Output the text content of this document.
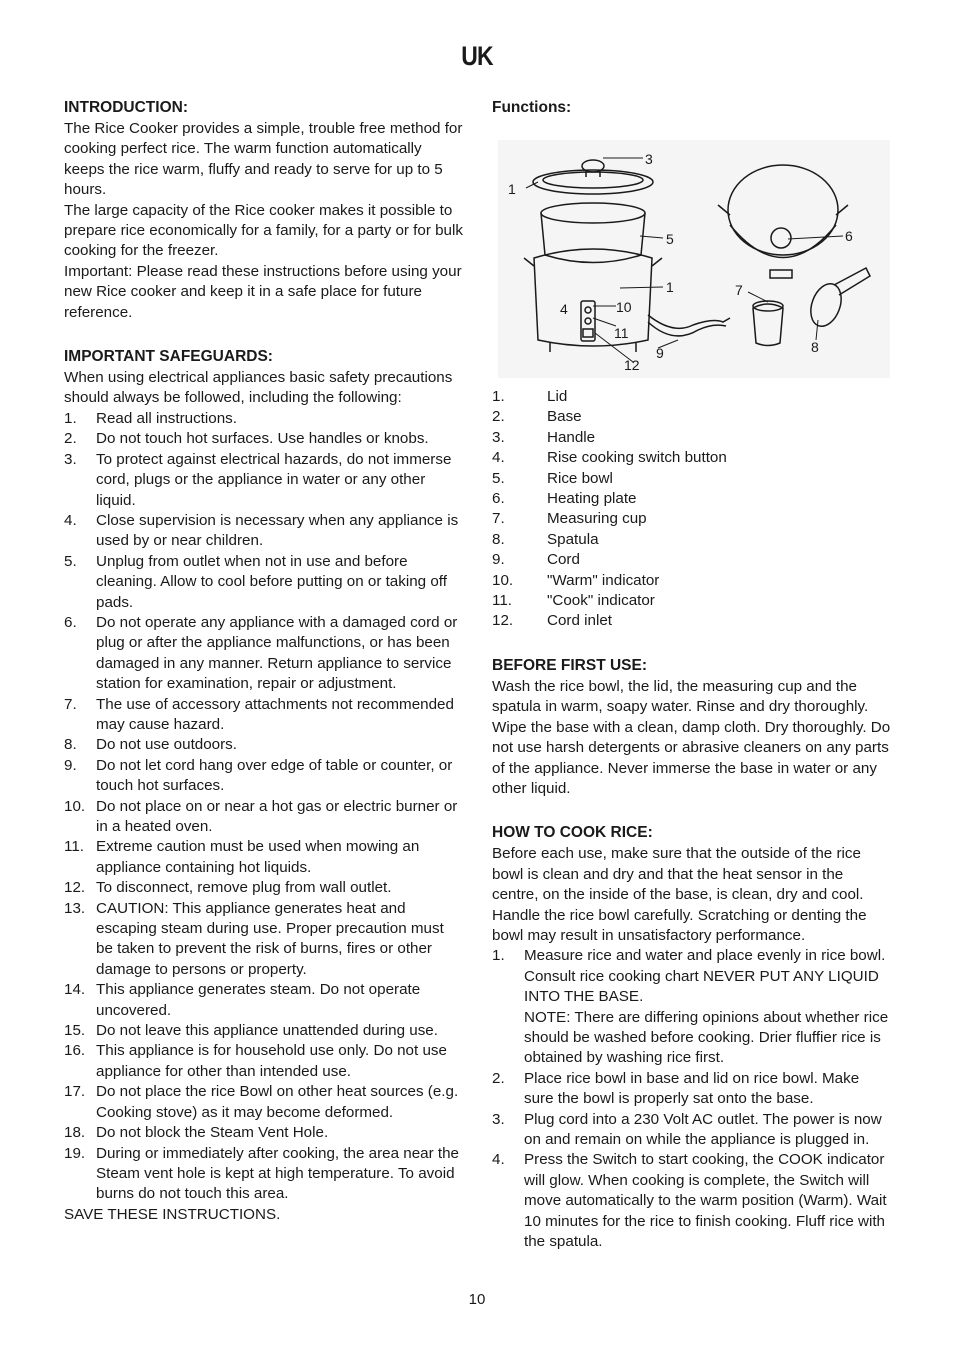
UK
INTRODUCTION:

The Rice Cooker provides a simple, trouble free method for cooking perfect rice. The warm function automatically keeps the rice warm, fluffy and ready to serve for up to 5 hours.

The large capacity of the Rice cooker makes it possible to prepare rice economically for a family, for a party or for bulk cooking for the freezer.

Important: Please read these instructions before using your new Rice cooker and keep it in a safe place for future reference.

IMPORTANT SAFEGUARDS:

When using electrical appliances basic safety precautions should always be followed, including the following:

1.	Read all instructions.
2.	Do not touch hot surfaces. Use handles or knobs.
3.	To protect against electrical hazards, do not immerse cord, plugs or the appliance in water or any other liquid.
4.	Close supervision is necessary when any appliance is used by or near children.
5.	Unplug from outlet when not in use and before cleaning. Allow to cool before putting on or taking off pads.
6.	Do not operate any appliance with a damaged cord or plug or after the appliance malfunctions, or has been damaged in any manner. Return appliance to service station for examination, repair or adjustment.
7.	The use of accessory attachments not recommended may cause hazard.
8.	Do not use outdoors.
9.	Do not let cord hang over edge of table or counter, or touch hot surfaces.
10. Do not place on or near a hot gas or electric burner or in a heated oven.
11. Extreme caution must be used when mowing an appliance containing hot liquids.
12. To disconnect, remove plug from wall outlet.
13. CAUTION: This appliance generates heat and escaping steam during use. Proper precaution must be taken to prevent the risk of burns, fires or other damage to persons or property.
14. This appliance generates steam. Do not operate uncovered.
15. Do not leave this appliance unattended during use.
16. This appliance is for household use only. Do not use appliance for other than intended use.
17. Do not place the rice Bowl on other heat sources (e.g. Cooking stove) as it may become deformed.
18. Do not block the Steam Vent Hole.
19. During or immediately after cooking, the area near the Steam vent hole is kept at high temperature. To avoid burns do not touch this area.

SAVE THESE INSTRUCTIONS.

Functions:
1
3
5
1
4	10
11
12
9
6
7
8
1.	Lid
2.	Base
3.	Handle
4.	Rise cooking switch button
5.	Rice bowl
6.	Heating plate
7.	Measuring cup
8.	Spatula
9.	Cord
10.	"Warm" indicator
11.	"Cook" indicator
12.	Cord inlet
BEFORE FIRST USE:

Wash the rice bowl, the lid, the measuring cup and the spatula in warm, soapy water. Rinse and dry thoroughly. Wipe the base with a clean, damp cloth. Dry thoroughly. Do not use harsh detergents or abrasive cleaners on any parts of the appliance. Never immerse the base in water or any other liquid.

HOW TO COOK RICE:

Before each use, make sure that the outside of the rice bowl is clean and dry and that the heat sensor in the centre, on the inside of the base, is clean, dry and cool. Handle the rice bowl carefully. Scratching or denting the bowl may result in unsatisfactory performance.

1.	Measure rice and water and place evenly in rice bowl. Consult rice cooking chart NEVER PUT ANY LIQUID INTO THE BASE.
NOTE: There are differing opinions about whether rice should be washed before cooking. Drier fluffier rice is obtained by washing rice first.
2.	Place rice bowl in base and lid on rice bowl. Make sure the bowl is properly sat onto the base.
3.	Plug cord into a 230 Volt AC outlet. The power is now on and remain on while the appliance is plugged in.
4.	Press the Switch to start cooking, the COOK indicator will glow. When cooking is complete, the Switch will move automatically to the warm position (Warm). Wait 10 minutes for the rice to finish cooking. Fluff rice with the spatula.
10
